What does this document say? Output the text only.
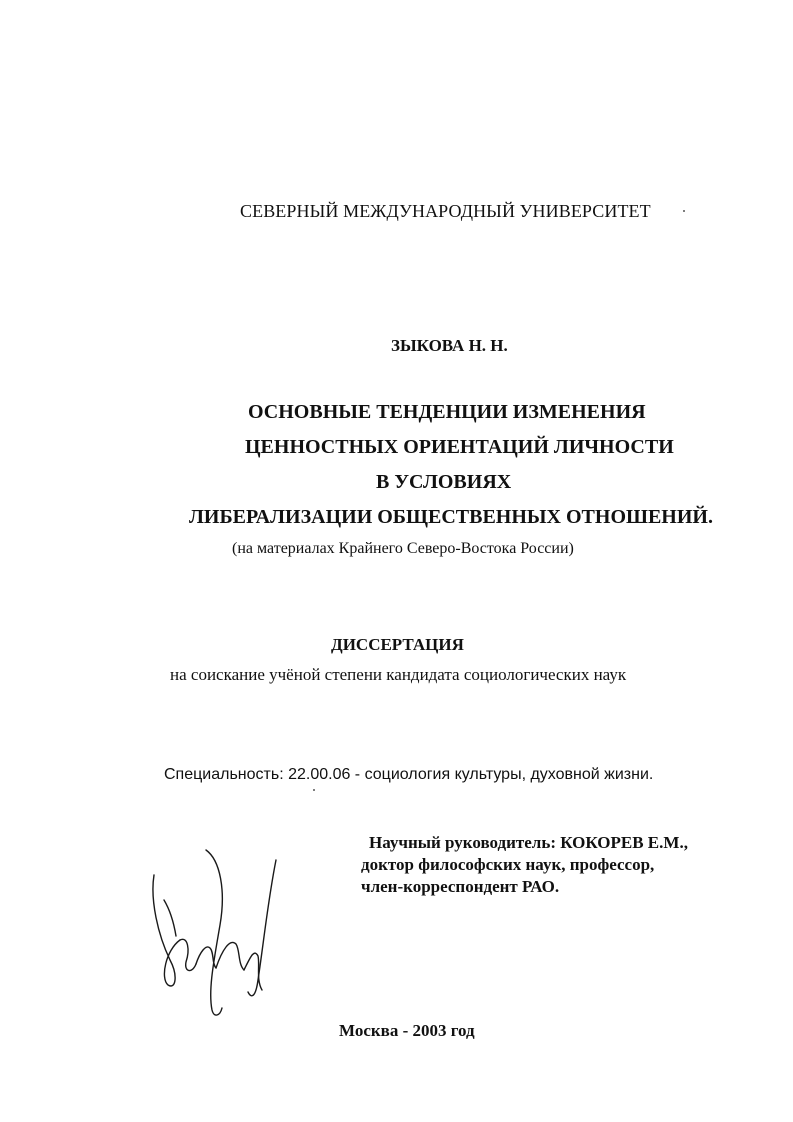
СЕВЕРНЫЙ МЕЖДУНАРОДНЫЙ УНИВЕРСИТЕТ

ЗЫКОВА Н. Н.

ОСНОВНЫЕ ТЕНДЕНЦИИ ИЗМЕНЕНИЯ

ЦЕННОСТНЫХ ОРИЕНТАЦИЙ ЛИЧНОСТИ

В УСЛОВИЯХ

ЛИБЕРАЛИЗАЦИИ ОБЩЕСТВЕННЫХ ОТНОШЕНИЙ.

(на материалах Крайнего Северо-Востока России)

ДИССЕРТАЦИЯ

на соискание учёной степени кандидата социологических наук

Специальность: 22.00.06 - социология культуры, духовной жизни.

Научный руководитель: КОКОРЕВ Е.М.,

доктор философских наук, профессор,

член-корреспондент РАО.

Москва - 2003 год
